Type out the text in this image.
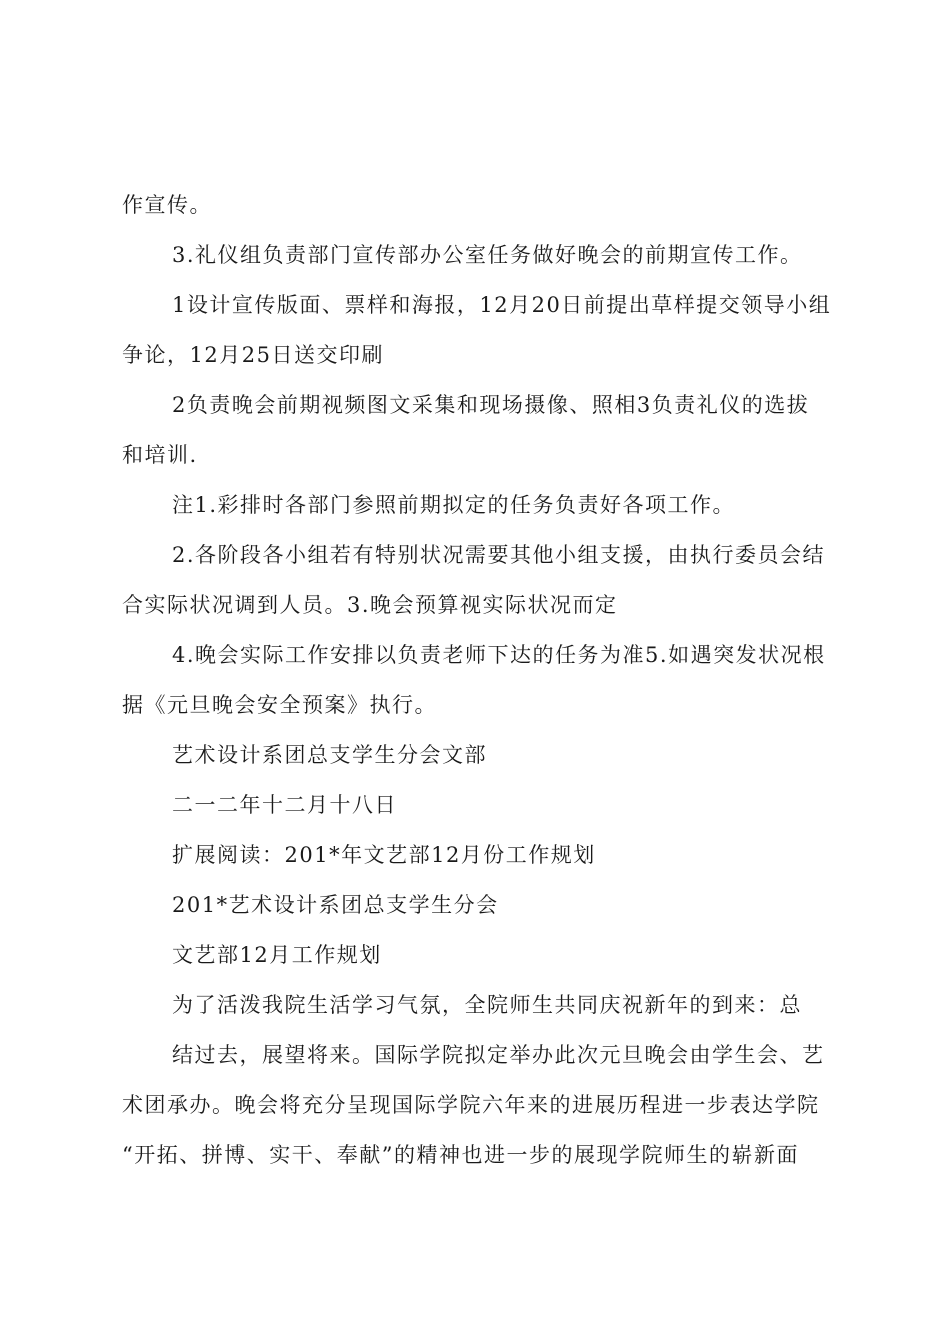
作宣传。
3.礼仪组负责部门宣传部办公室任务做好晚会的前期宣传工作。
1设计宣传版面、票样和海报，12月20日前提出草样提交领导小组
争论，12月25日送交印刷
2负责晚会前期视频图文采集和现场摄像、照相3负责礼仪的选拔
和培训.
注1.彩排时各部门参照前期拟定的任务负责好各项工作。
2.各阶段各小组若有特别状况需要其他小组支援，由执行委员会结
合实际状况调到人员。3.晚会预算视实际状况而定
4.晚会实际工作安排以负责老师下达的任务为准5.如遇突发状况根
据《元旦晚会安全预案》执行。
艺术设计系团总支学生分会文部
二一二年十二月十八日
扩展阅读：201*年文艺部12月份工作规划
201*艺术设计系团总支学生分会
文艺部12月工作规划
为了活泼我院生活学习气氛，全院师生共同庆祝新年的到来：总
结过去，展望将来。国际学院拟定举办此次元旦晚会由学生会、艺
术团承办。晚会将充分呈现国际学院六年来的进展历程进一步表达学院
“开拓、拼博、实干、奉献”的精神也进一步的展现学院师生的崭新面
